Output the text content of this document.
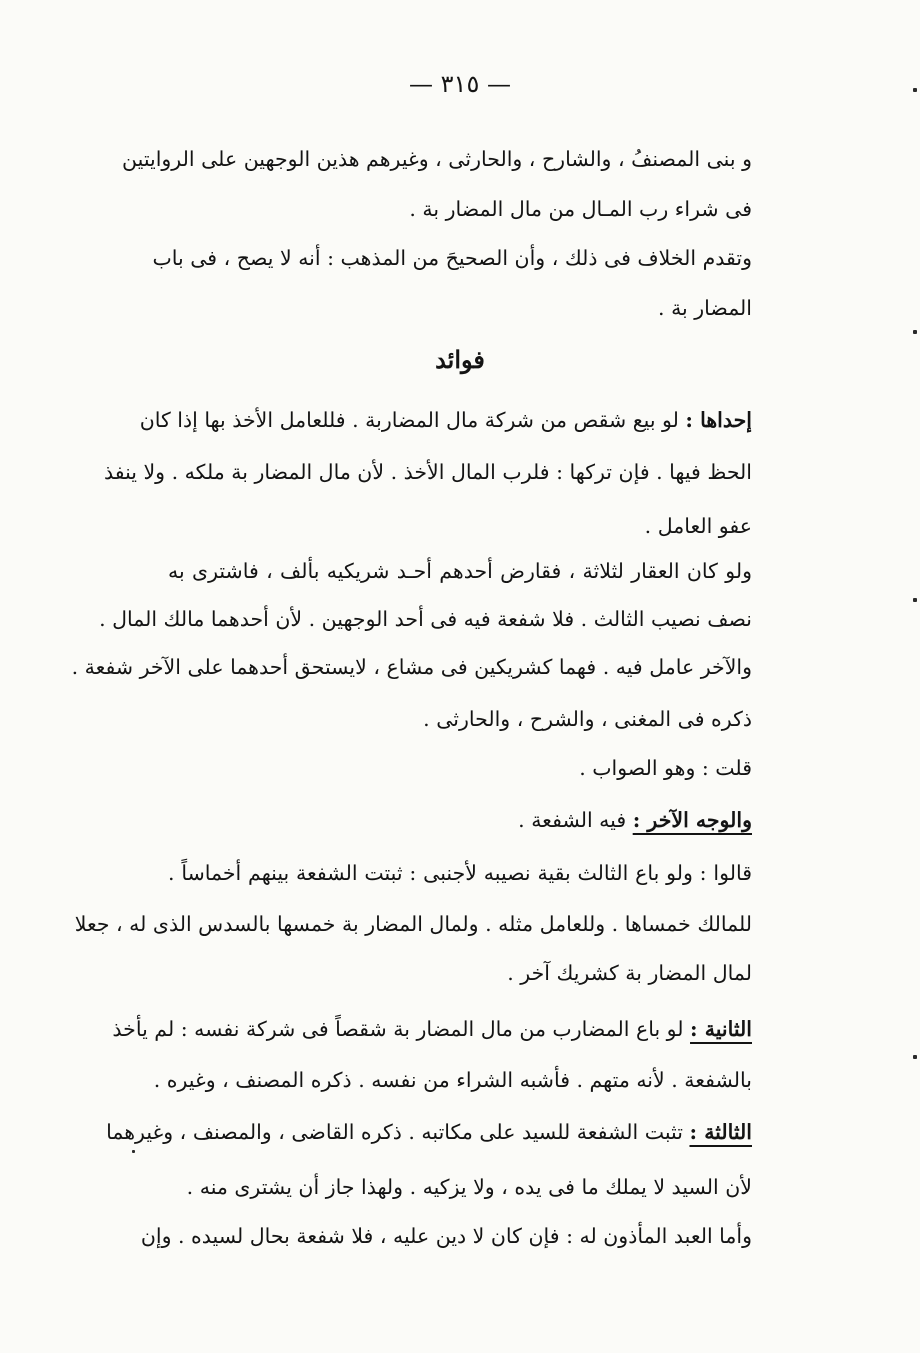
— ٣١٥ —
و بنى المصنفُ ، والشارح ، والحارثى ، وغيرهم هذين الوجهين على الروايتين
فى شراء رب المـال من مال المضار بة .
وتقدم الخلاف فى ذلك ، وأن الصحيحَ من المذهب : أنه لا يصح ، فى باب
المضار بة .
فوائد
إحداها : لو بيع شقص من شركة مال المضاربة . فللعامل الأخذ بها إذا كان
الحظ فيها . فإن تركها : فلرب المال الأخذ . لأن مال المضار بة ملكه . ولا ينفذ
عفو العامل .
ولو كان العقار لثلاثة ، فقارض أحدهم أحـد شريكيه بألف ، فاشترى به
نصف نصيب الثالث . فلا شفعة فيه فى أحد الوجهين . لأن أحدهما مالك المال .
والآخر عامل فيه . فهما كشريكين فى مشاع ، لايستحق أحدهما على الآخر شفعة .
ذكره فى المغنى ، والشرح ، والحارثى .
قلت : وهو الصواب .
والوجه الآخر : فيه الشفعة .
قالوا : ولو باع الثالث بقية نصيبه لأجنبى : ثبتت الشفعة بينهم أخماساً .
للمالك خمساها . وللعامل مثله . ولمال المضار بة خمسها بالسدس الذى له ، جعلا
لمال المضار بة كشريك آخر .
الثانية : لو باع المضارب من مال المضار بة شقصاً فى شركة نفسه : لم يأخذ
بالشفعة . لأنه متهم . فأشبه الشراء من نفسه . ذكره المصنف ، وغيره .
الثالثة : تثبت الشفعة للسيد على مكاتبه . ذكره القاضى ، والمصنف ، وغيرهما
لأن السيد لا يملك ما فى يده ، ولا يزكيه . ولهذا جاز أن يشترى منه .
وأما العبد المأذون له : فإن كان لا دين عليه ، فلا شفعة بحال لسيده . وإن
